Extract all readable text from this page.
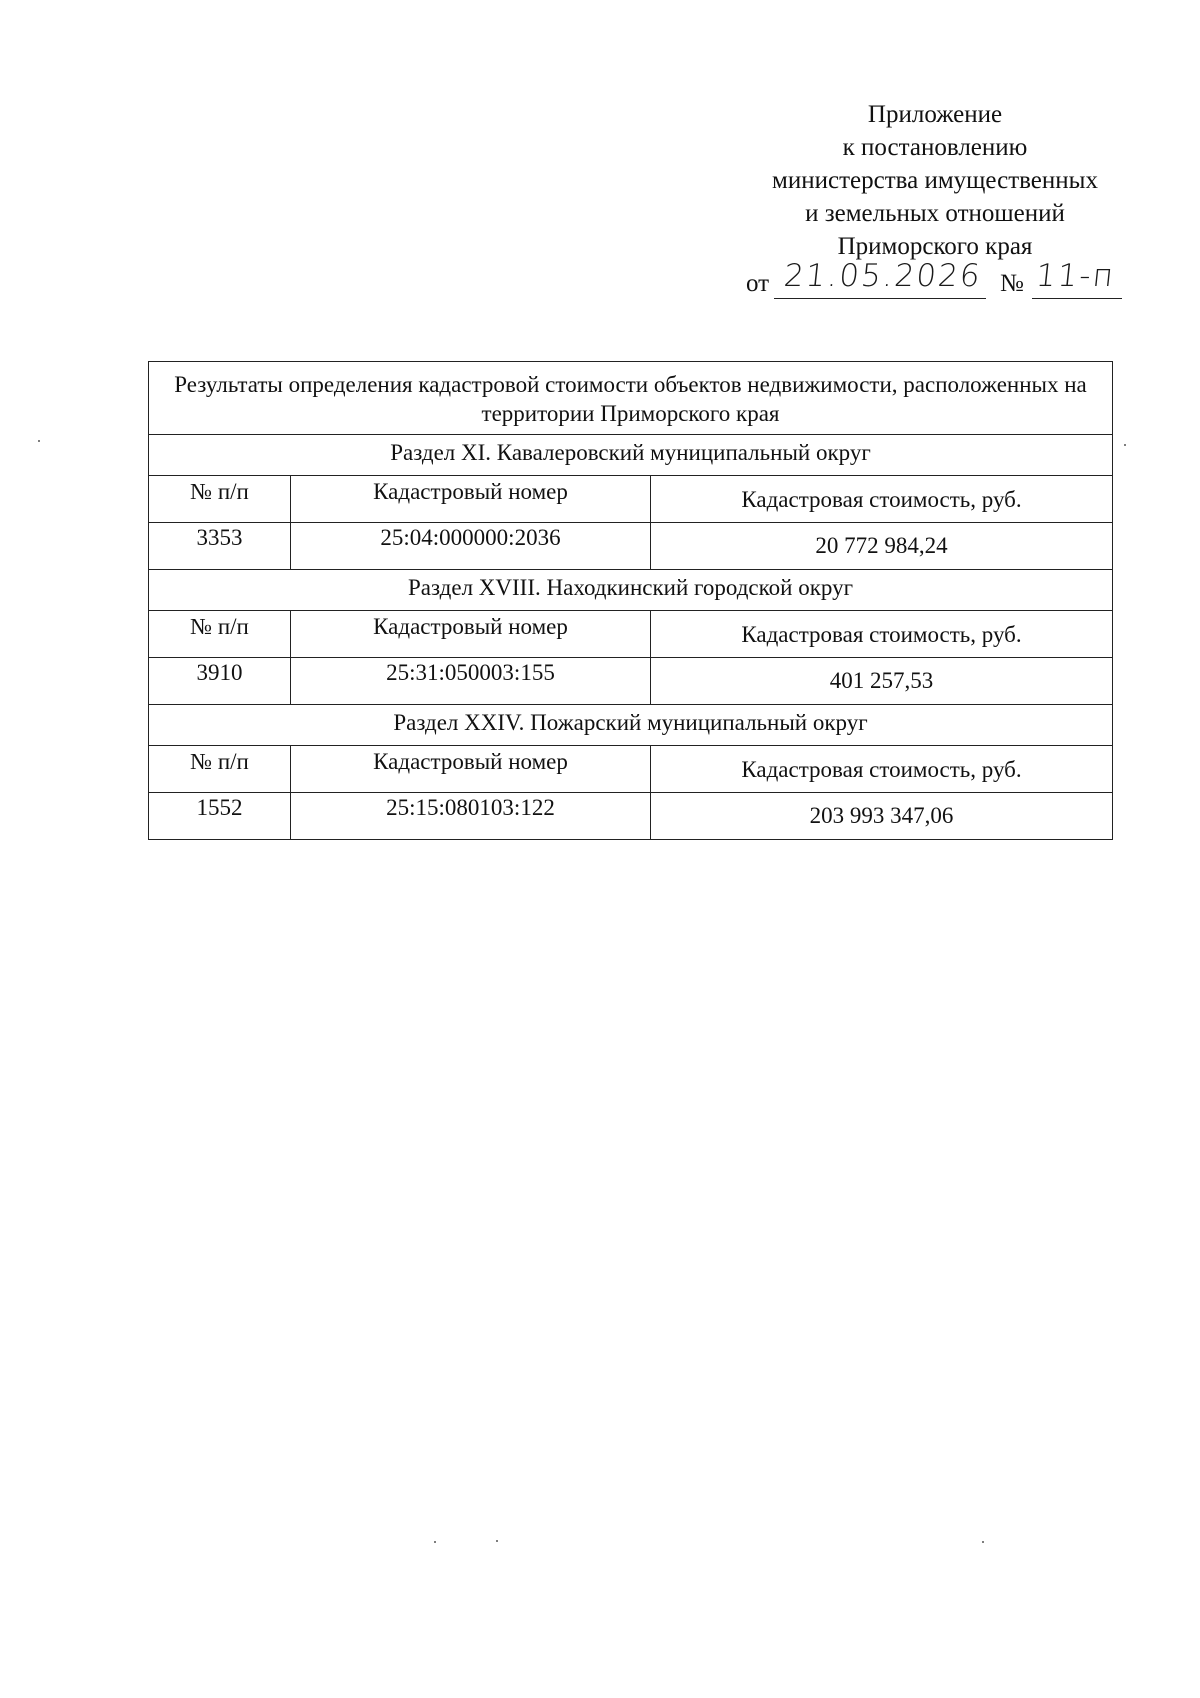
Приложение
к постановлению
министерства имущественных
и земельных отношений
Приморского края
от 21.05.2026 № 11-п
Результаты определения кадастровой стоимости объектов недвижимости, расположенных на территории Приморского края		
Раздел XI. Кавалеровский муниципальный округ		
№ п/п	Кадастровый номер	Кадастровая стоимость, руб.
3353	25:04:000000:2036	20 772 984,24
Раздел XVIII. Находкинский городской округ		
№ п/п	Кадастровый номер	Кадастровая стоимость, руб.
3910	25:31:050003:155	401 257,53
Раздел XXIV. Пожарский муниципальный округ		
№ п/п	Кадастровый номер	Кадастровая стоимость, руб.
1552	25:15:080103:122	203 993 347,06
